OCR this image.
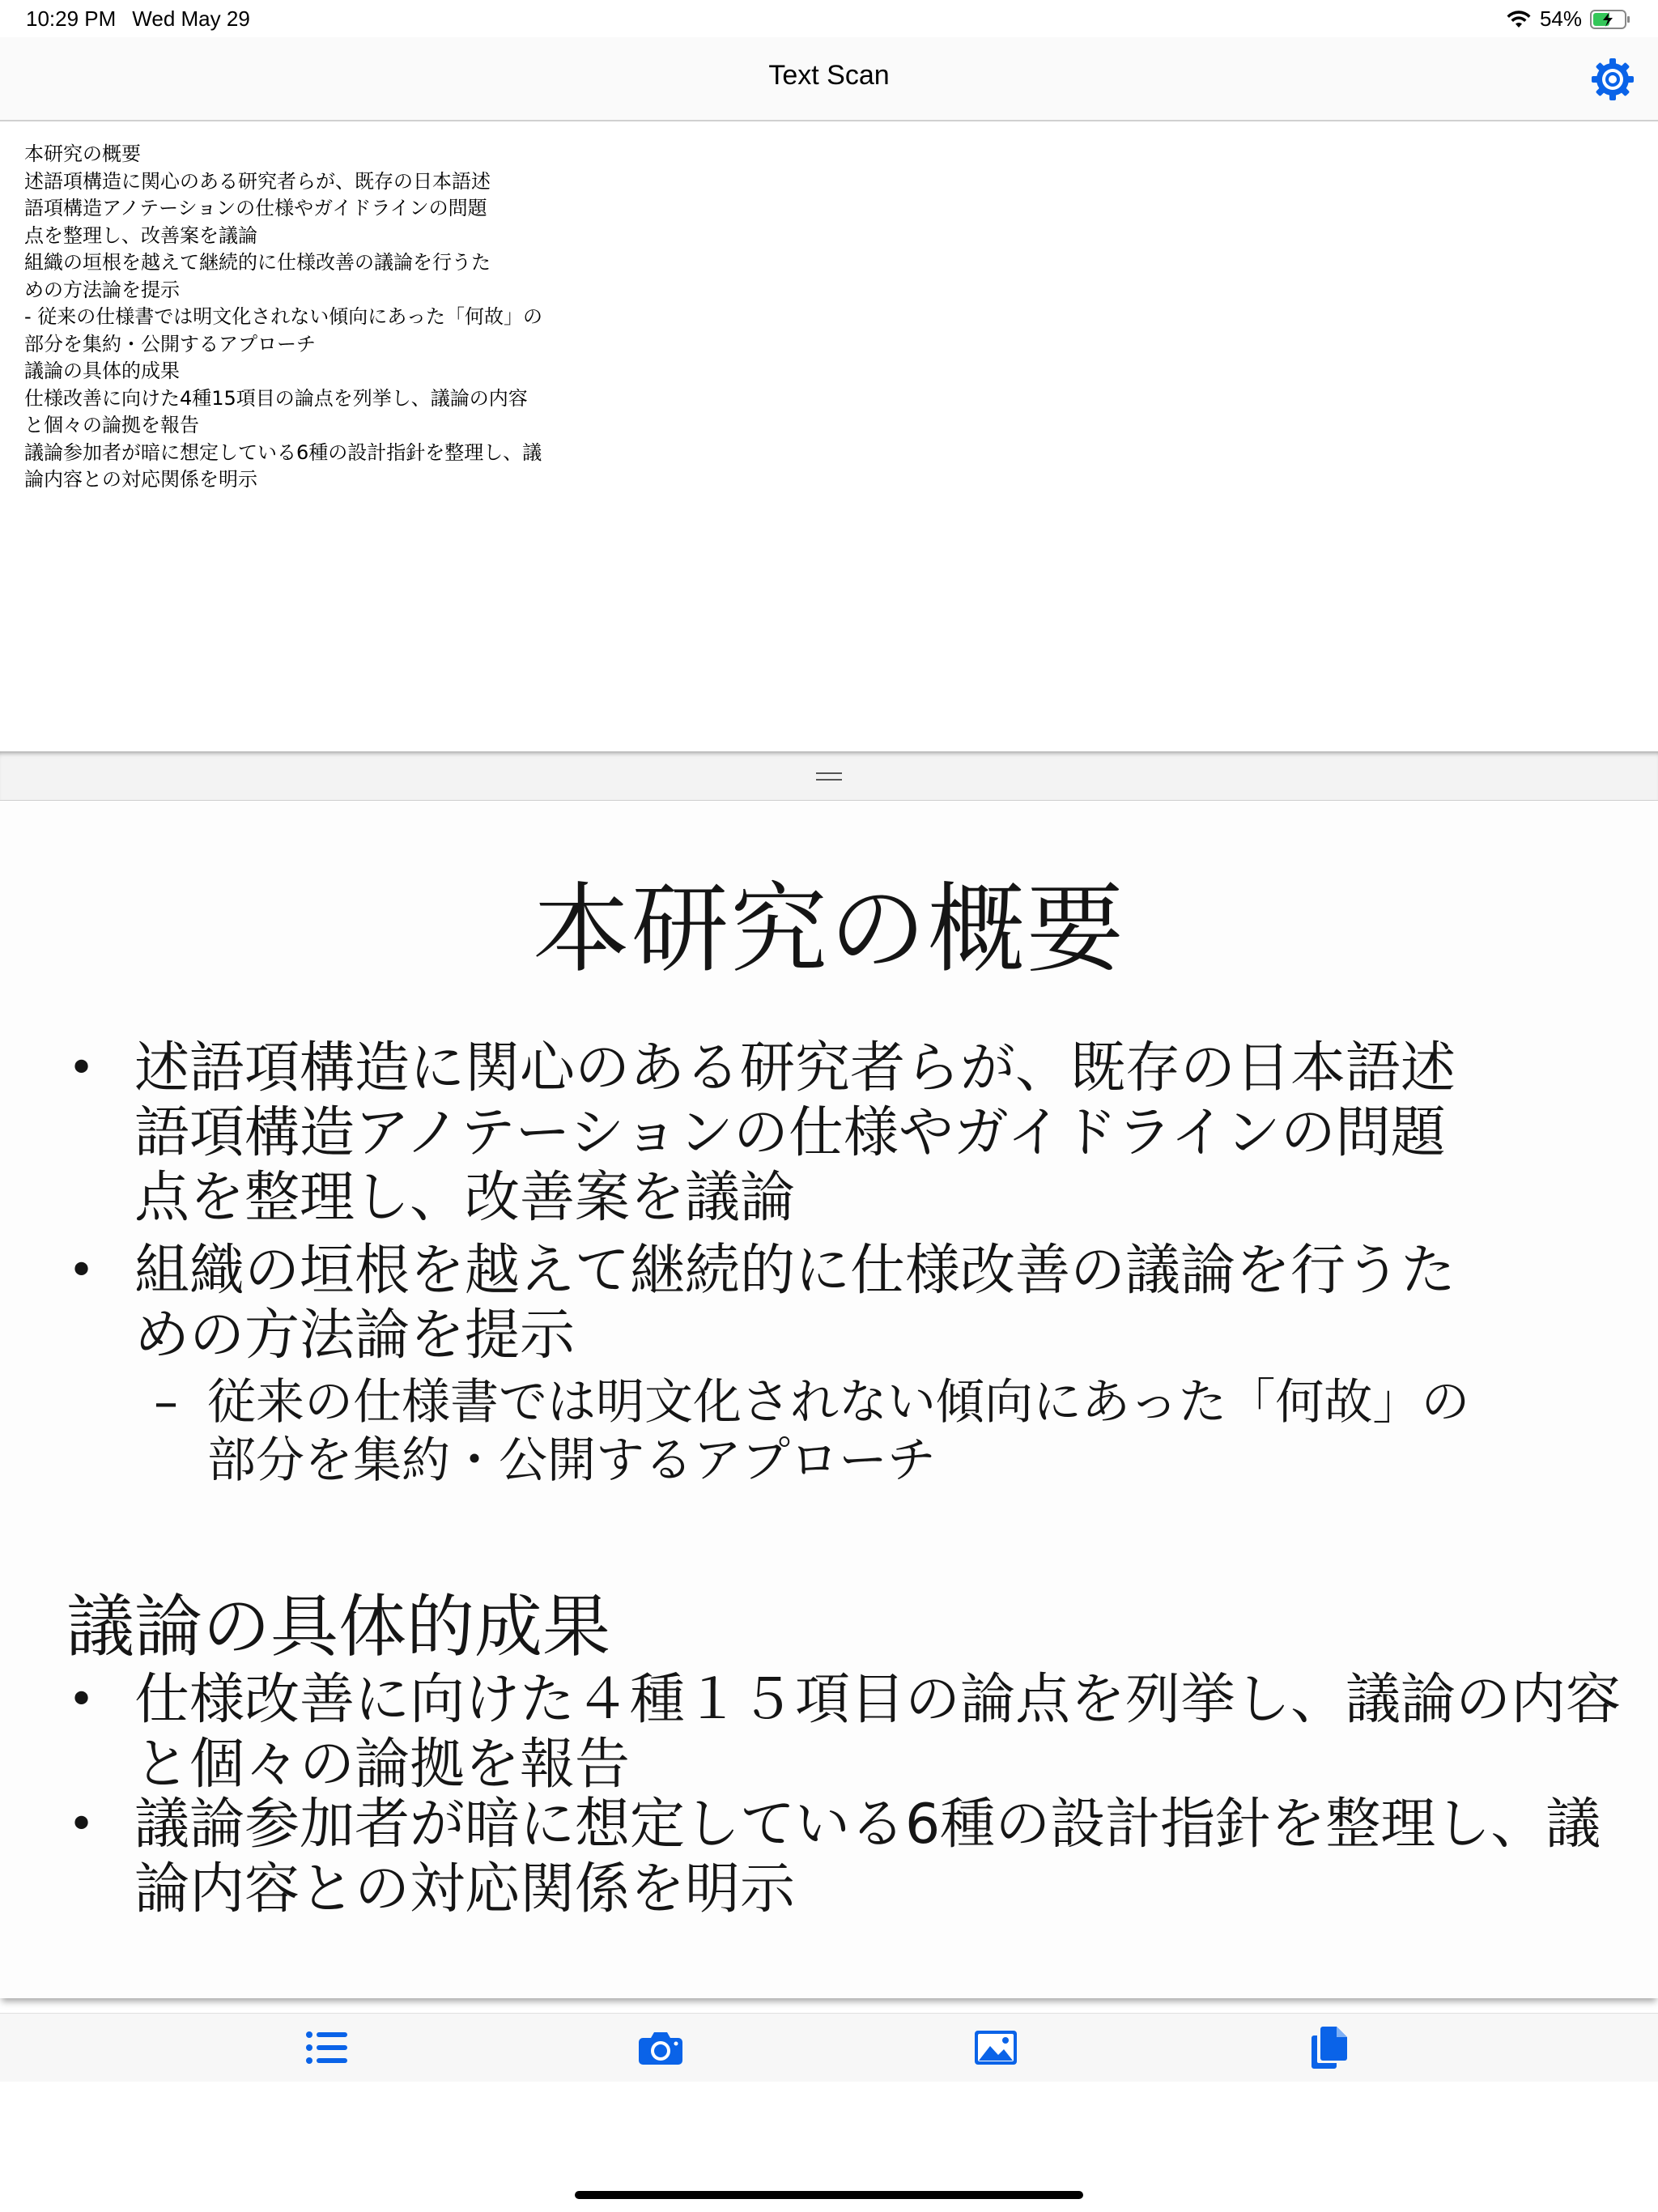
10:29 PM Wed May 29	54%
Text Scan
本研究の概要
述語項構造に関心のある研究者らが、既存の日本語述
語項構造アノテーションの仕様やガイドラインの問題
点を整理し、改善案を議論
組織の垣根を越えて継続的に仕様改善の議論を行うた
めの方法論を提示
- 従来の仕様書では明文化されない傾向にあった「何故」の
部分を集約・公開するアプローチ
議論の具体的成果
仕様改善に向けた4種15項目の論点を列挙し、議論の内容
と個々の論拠を報告
議論参加者が暗に想定している6種の設計指針を整理し、議
論内容との対応関係を明示
本研究の概要
• 述語項構造に関心のある研究者らが、既存の日本語述
語項構造アノテーションの仕様やガイドラインの問題
点を整理し、改善案を議論
• 組織の垣根を越えて継続的に仕様改善の議論を行うた
めの方法論を提示
– 従来の仕様書では明文化されない傾向にあった「何故」の
部分を集約・公開するアプローチ
議論の具体的成果
• 仕様改善に向けた４種１５項目の論点を列挙し、議論の内容
と個々の論拠を報告
• 議論参加者が暗に想定している6種の設計指針を整理し、議
論内容との対応関係を明示
